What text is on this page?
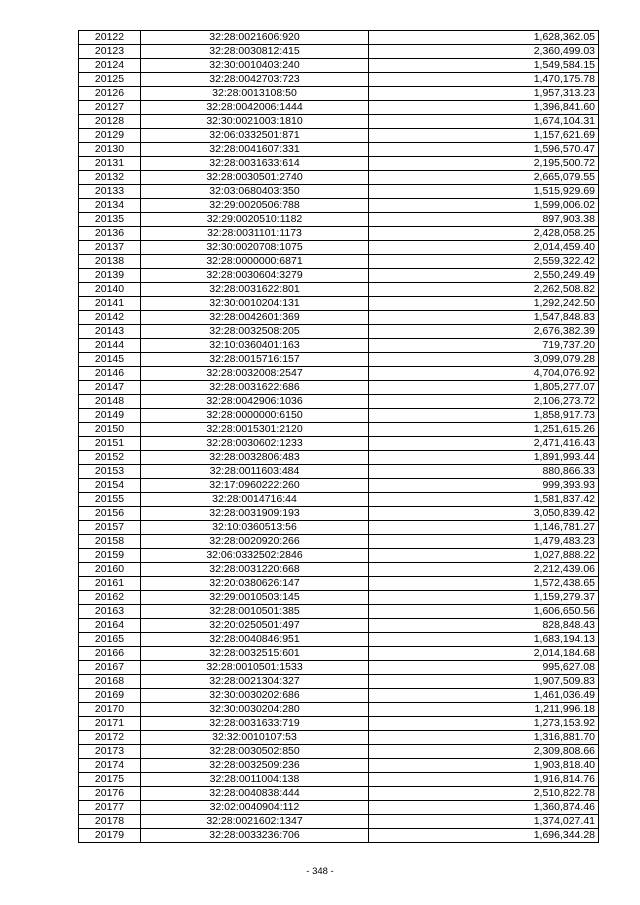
20122	32:28:0021606:920	1,628,362.05
20123	32:28:0030812:415	2,360,499.03
20124	32:30:0010403:240	1,549,584.15
20125	32:28:0042703:723	1,470,175.78
20126	32:28:0013108:50	1,957,313.23
20127	32:28:0042006:1444	1,396,841.60
20128	32:30:0021003:1810	1,674,104.31
20129	32:06:0332501:871	1,157,621.69
20130	32:28:0041607:331	1,596,570.47
20131	32:28:0031633:614	2,195,500.72
20132	32:28:0030501:2740	2,665,079.55
20133	32:03:0680403:350	1,515,929.69
20134	32:29:0020506:788	1,599,006.02
20135	32:29:0020510:1182	897,903.38
20136	32:28:0031101:1173	2,428,058.25
20137	32:30:0020708:1075	2,014,459.40
20138	32:28:0000000:6871	2,559,322.42
20139	32:28:0030604:3279	2,550,249.49
20140	32:28:0031622:801	2,262,508.82
20141	32:30:0010204:131	1,292,242.50
20142	32:28:0042601:369	1,547,848.83
20143	32:28:0032508:205	2,676,382.39
20144	32:10:0360401:163	719,737.20
20145	32:28:0015716:157	3,099,079.28
20146	32:28:0032008:2547	4,704,076.92
20147	32:28:0031622:686	1,805,277.07
20148	32:28:0042906:1036	2,106,273.72
20149	32:28:0000000:6150	1,858,917.73
20150	32:28:0015301:2120	1,251,615.26
20151	32:28:0030602:1233	2,471,416.43
20152	32:28:0032806:483	1,891,993.44
20153	32:28:0011603:484	880,866.33
20154	32:17:0960222:260	999,393.93
20155	32:28:0014716:44	1,581,837.42
20156	32:28:0031909:193	3,050,839.42
20157	32:10:0360513:56	1,146,781.27
20158	32:28:0020920:266	1,479,483.23
20159	32:06:0332502:2846	1,027,888.22
20160	32:28:0031220:668	2,212,439.06
20161	32:20:0380626:147	1,572,438.65
20162	32:29:0010503:145	1,159,279.37
20163	32:28:0010501:385	1,606,650.56
20164	32:20:0250501:497	828,848.43
20165	32:28:0040846:951	1,683,194.13
20166	32:28:0032515:601	2,014,184.68
20167	32:28:0010501:1533	995,627.08
20168	32:28:0021304:327	1,907,509.83
20169	32:30:0030202:686	1,461,036.49
20170	32:30:0030204:280	1,211,996.18
20171	32:28:0031633:719	1,273,153.92
20172	32:32:0010107:53	1,316,881.70
20173	32:28:0030502:850	2,309,808.66
20174	32:28:0032509:236	1,903,818.40
20175	32:28:0011004:138	1,916,814.76
20176	32:28:0040838:444	2,510,822.78
20177	32:02:0040904:112	1,360,874.46
20178	32:28:0021602:1347	1,374,027.41
20179	32:28:0033236:706	1,696,344.28
- 348 -
